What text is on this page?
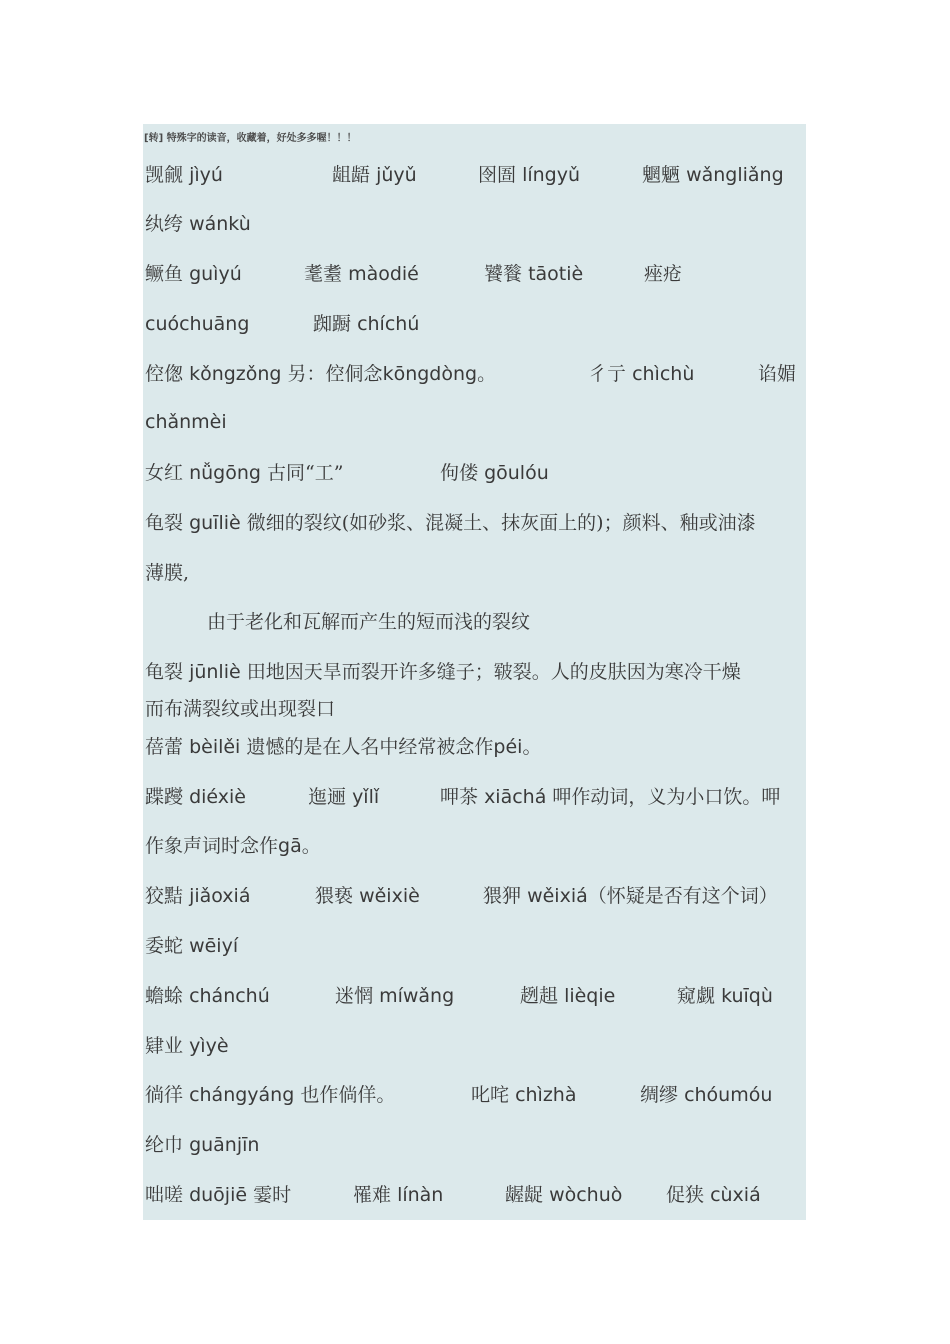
[转] 特殊字的读音，收藏着，好处多多喔！！！
觊觎 jìyú	龃龉 jǔyǔ	囹圄 língyǔ	魍魉 wǎngliǎng
纨绔 wánkù
鳜鱼 guìyú	耄耋 màodié	饕餮 tāotiè	痤疮
cuóchuāng	踟蹰 chíchú
倥偬 kǒngzǒng 另：倥侗念kōngdòng。	彳亍 chìchù	谄媚
chǎnmèi
女红 nǚgōng 古同“工”	佝偻 gōulóu
龟裂 guīliè 微细的裂纹(如砂浆、混凝土、抹灰面上的)；颜料、釉或油漆
薄膜,
由于老化和瓦解而产生的短而浅的裂纹
龟裂 jūnliè 田地因天旱而裂开许多缝子；皲裂。人的皮肤因为寒冷干燥
而布满裂纹或出现裂口
蓓蕾 bèilěi 遗憾的是在人名中经常被念作péi。
蹀躞 diéxiè	迤逦 yǐlǐ	呷茶 xiāchá 呷作动词，义为小口饮。呷
作象声词时念作gā。
狡黠 jiǎoxiá	猥亵 wěixiè	猥狎 wěixiá（怀疑是否有这个词）
委蛇 wēiyí
蟾蜍 chánchú	迷惘 míwǎng	趔趄 lièqie	窥觑 kuīqù
肄业 yìyè
徜徉 chángyáng 也作倘佯。	叱咤 chìzhà	绸缪 chóumóu
纶巾 guānjīn
咄嗟 duōjiē 霎时	罹难 línàn	龌龊 wòchuò 促狭 cùxiá
